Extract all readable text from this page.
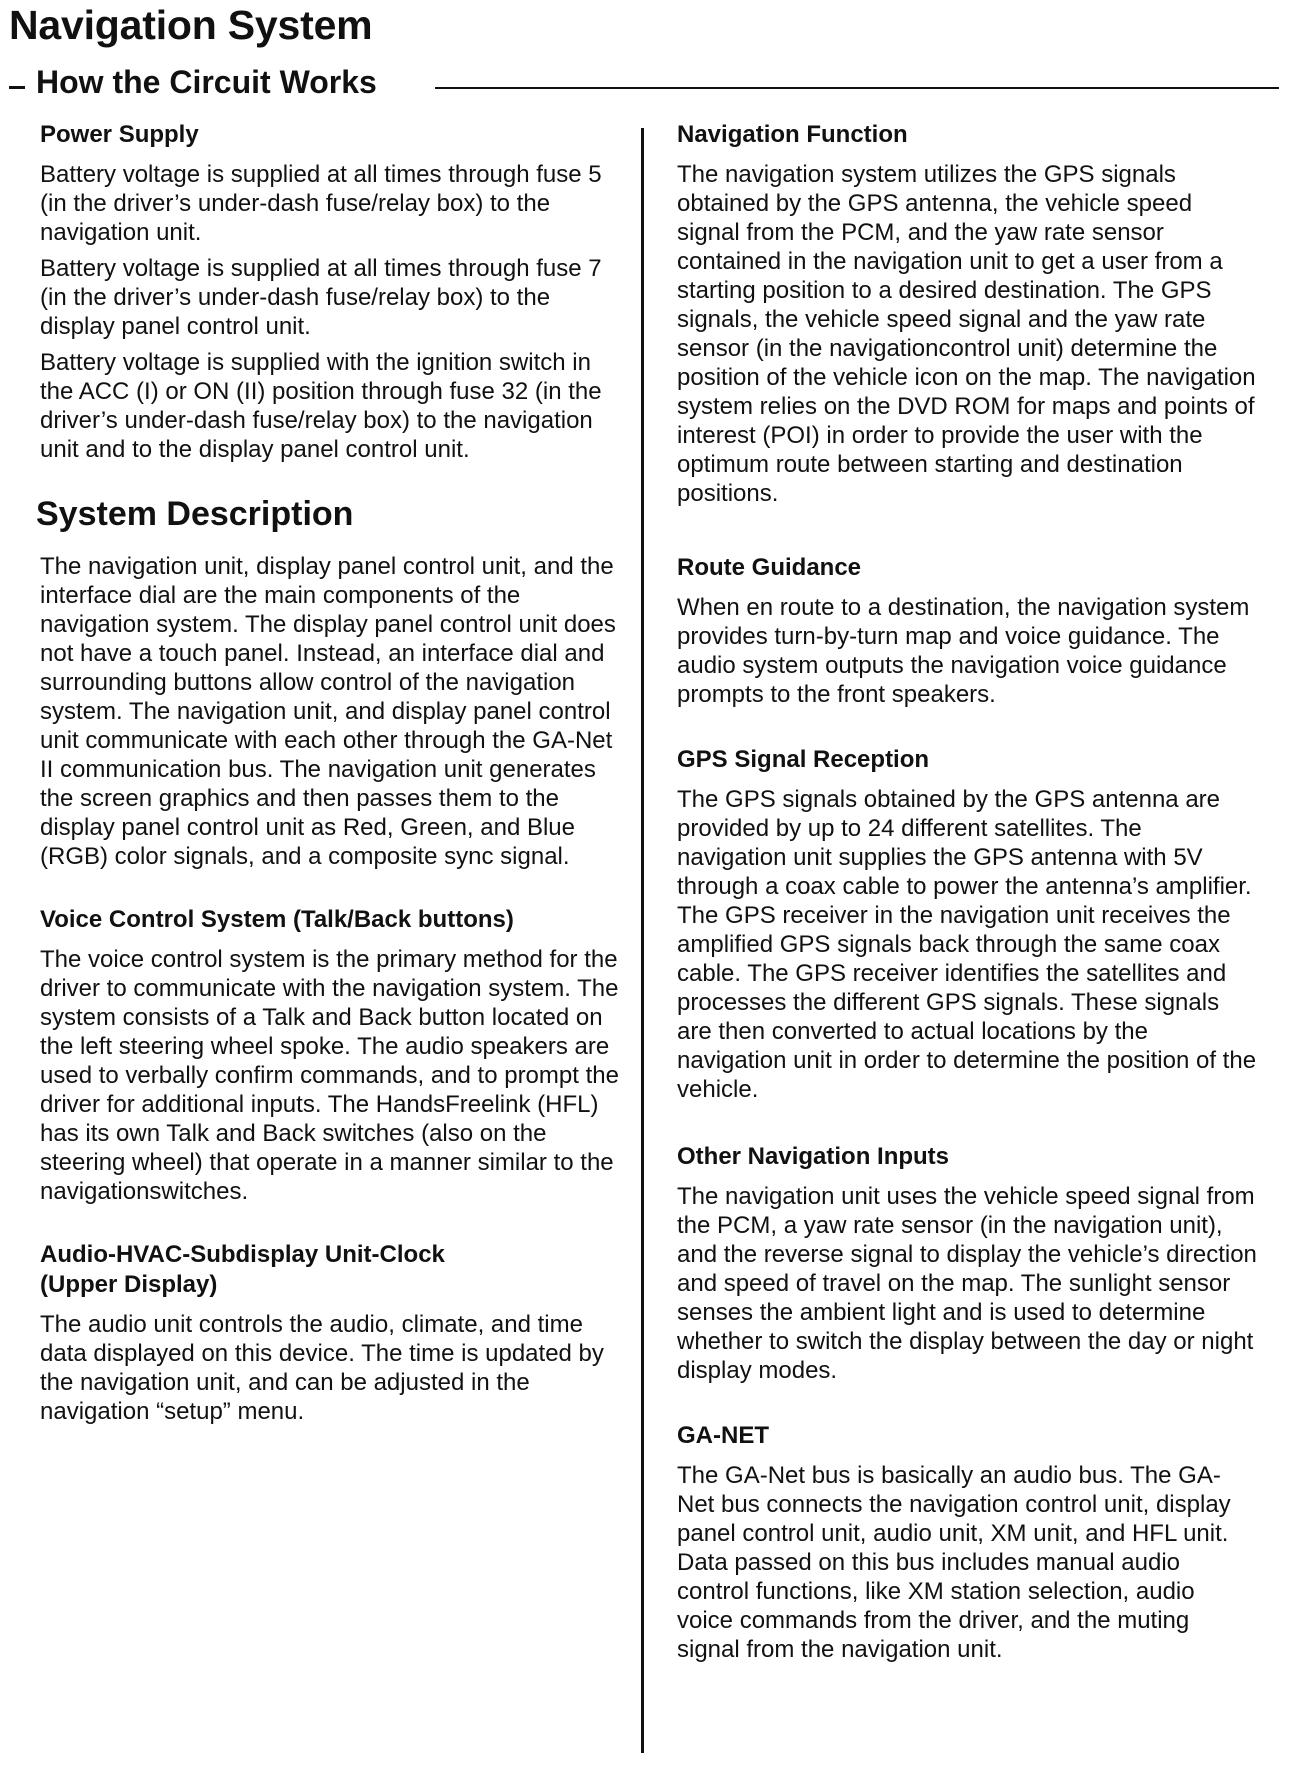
Navigation System
How the Circuit Works
Power Supply

Battery voltage is supplied at all times through fuse 5 (in the driver’s under-dash fuse/relay box) to the navigation unit.

Battery voltage is supplied at all times through fuse 7 (in the driver’s under-dash fuse/relay box) to the display panel control unit.

Battery voltage is supplied with the ignition switch in the ACC (I) or ON (II) position through fuse 32 (in the driver’s under-dash fuse/relay box) to the navigation unit and to the display panel control unit.

System Description

The navigation unit, display panel control unit, and the interface dial are the main components of the navigation system. The display panel control unit does not have a touch panel. Instead, an interface dial and surrounding buttons allow control of the navigation system. The navigation unit, and display panel control unit communicate with each other through the GA-Net II communication bus. The navigation unit generates the screen graphics and then passes them to the display panel control unit as Red, Green, and Blue (RGB) color signals, and a composite sync signal.

Voice Control System (Talk/Back buttons)

The voice control system is the primary method for the driver to communicate with the navigation system. The system consists of a Talk and Back button located on the left steering wheel spoke. The audio speakers are used to verbally confirm commands, and to prompt the driver for additional inputs. The HandsFreelink (HFL) has its own Talk and Back switches (also on the steering wheel) that operate in a manner similar to the navigationswitches.

Audio-HVAC-Subdisplay Unit-Clock
(Upper Display)

The audio unit controls the audio, climate, and time data displayed on this device. The time is updated by the navigation unit, and can be adjusted in the navigation “setup” menu.

Navigation Function

The navigation system utilizes the GPS signals obtained by the GPS antenna, the vehicle speed signal from the PCM, and the yaw rate sensor contained in the navigation unit to get a user from a starting position to a desired destination. The GPS signals, the vehicle speed signal and the yaw rate sensor (in the navigationcontrol unit) determine the position of the vehicle icon on the map. The navigation system relies on the DVD ROM for maps and points of interest (POI) in order to provide the user with the optimum route between starting and destination positions.

Route Guidance

When en route to a destination, the navigation system provides turn-by-turn map and voice guidance. The audio system outputs the navigation voice guidance prompts to the front speakers.

GPS Signal Reception

The GPS signals obtained by the GPS antenna are provided by up to 24 different satellites. The navigation unit supplies the GPS antenna with 5V through a coax cable to power the antenna’s amplifier. The GPS receiver in the navigation unit receives the amplified GPS signals back through the same coax cable. The GPS receiver identifies the satellites and processes the different GPS signals. These signals are then converted to actual locations by the navigation unit in order to determine the position of the vehicle.

Other Navigation Inputs

The navigation unit uses the vehicle speed signal from the PCM, a yaw rate sensor (in the navigation unit), and the reverse signal to display the vehicle’s direction and speed of travel on the map. The sunlight sensor senses the ambient light and is used to determine whether to switch the display between the day or night display modes.

GA-NET

The GA-Net bus is basically an audio bus. The GA-Net bus connects the navigation control unit, display panel control unit, audio unit, XM unit, and HFL unit. Data passed on this bus includes manual audio control functions, like XM station selection, audio voice commands from the driver, and the muting signal from the navigation unit.
